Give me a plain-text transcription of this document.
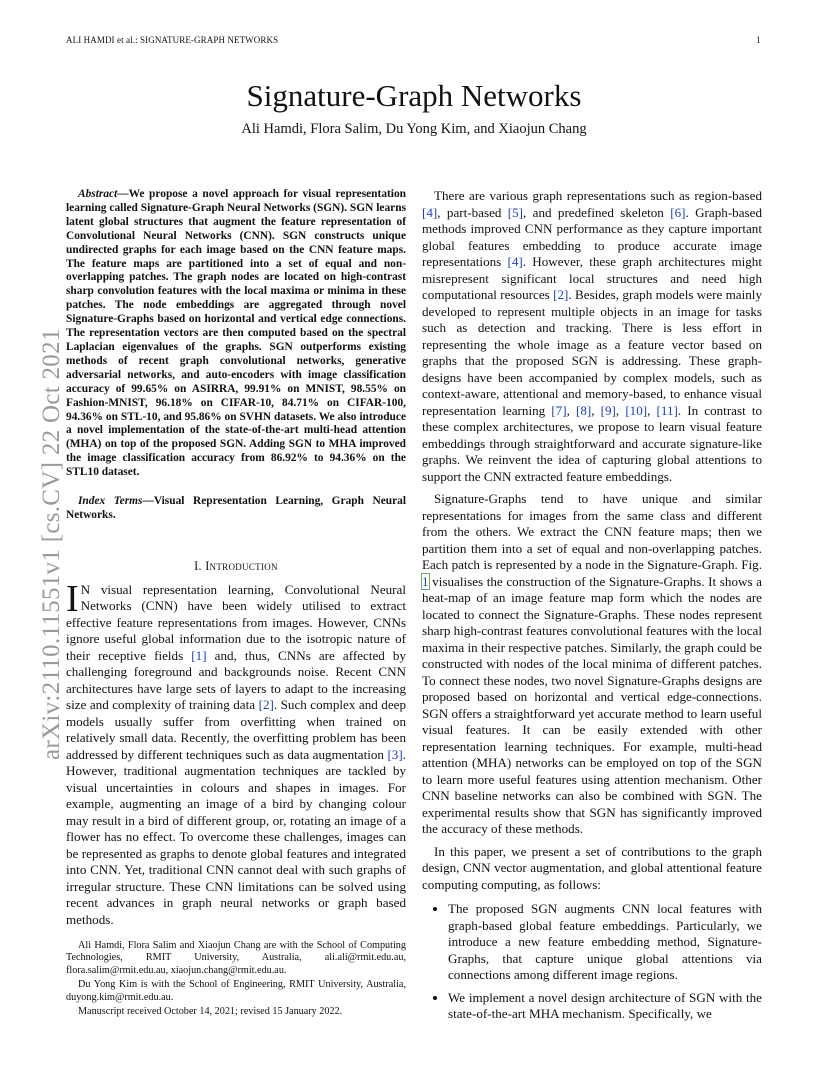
ALI HAMDI et al.: SIGNATURE-GRAPH NETWORKS	1
Signature-Graph Networks
Ali Hamdi, Flora Salim, Du Yong Kim, and Xiaojun Chang
arXiv:2110.11551v1 [cs.CV] 22 Oct 2021

Abstract—We propose a novel approach for visual representation learning called Signature-Graph Neural Networks (SGN). SGN learns latent global structures that augment the feature representation of Convolutional Neural Networks (CNN). SGN constructs unique undirected graphs for each image based on the CNN feature maps. The feature maps are partitioned into a set of equal and non-overlapping patches. The graph nodes are located on high-contrast sharp convolution features with the local maxima or minima in these patches. The node embeddings are aggregated through novel Signature-Graphs based on horizontal and vertical edge connections. The representation vectors are then computed based on the spectral Laplacian eigenvalues of the graphs. SGN outperforms existing methods of recent graph convolutional networks, generative adversarial networks, and auto-encoders with image classification accuracy of 99.65% on ASIRRA, 99.91% on MNIST, 98.55% on Fashion-MNIST, 96.18% on CIFAR-10, 84.71% on CIFAR-100, 94.36% on STL-10, and 95.86% on SVHN datasets. We also introduce a novel implementation of the state-of-the-art multi-head attention (MHA) on top of the proposed SGN. Adding SGN to MHA improved the image classification accuracy from 86.92% to 94.36% on the STL10 dataset.

Index Terms—Visual Representation Learning, Graph Neural Networks.
I. Introduction

I N visual representation learning, Convolutional Neural Networks (CNN) have been widely utilised to extract effective feature representations from images. However, CNNs ignore useful global information due to the isotropic nature of their receptive fields [1] and, thus, CNNs are affected by challenging foreground and backgrounds noise. Recent CNN architectures have large sets of layers to adapt to the increasing size and complexity of training data [2]. Such complex and deep models usually suffer from overfitting when trained on relatively small data. Recently, the overfitting problem has been addressed by different techniques such as data augmentation [3]. However, traditional augmentation techniques are tackled by visual uncertainties in colours and shapes in images. For example, augmenting an image of a bird by changing colour may result in a bird of different group, or, rotating an image of a flower has no effect. To overcome these challenges, images can be represented as graphs to denote global features and integrated into CNN. Yet, traditional CNN cannot deal with such graphs of irregular structure. These CNN limitations can be solved using recent advances in graph neural networks or graph based methods.

Ali Hamdi, Flora Salim and Xiaojun Chang are with the School of Computing Technologies, RMIT University, Australia, ali.ali@rmit.edu.au, flora.salim@rmit.edu.au, xiaojun.chang@rmit.edu.au.

Du Yong Kim is with the School of Engineering, RMIT University, Australia, duyong.kim@rmit.edu.au.

Manuscript received October 14, 2021; revised 15 January 2022.

There are various graph representations such as region-based [4], part-based [5], and predefined skeleton [6]. Graph-based methods improved CNN performance as they capture important global features embedding to produce accurate image representations [4]. However, these graph architectures might misrepresent significant local structures and need high computational resources [2]. Besides, graph models were mainly developed to represent multiple objects in an image for tasks such as detection and tracking. There is less effort in representing the whole image as a feature vector based on graphs that the proposed SGN is addressing. These graph-designs have been accompanied by complex models, such as context-aware, attentional and memory-based, to enhance visual representation learning [7], [8], [9], [10], [11]. In contrast to these complex architectures, we propose to learn visual feature embeddings through straightforward and accurate signature-like graphs. We reinvent the idea of capturing global attentions to support the CNN extracted feature embeddings.

Signature-Graphs tend to have unique and similar representations for images from the same class and different from the others. We extract the CNN feature maps; then we partition them into a set of equal and non-overlapping patches. Each patch is represented by a node in the Signature-Graph. Fig. 1 visualises the construction of the Signature-Graphs. It shows a heat-map of an image feature map form which the nodes are located to connect the Signature-Graphs. These nodes represent sharp high-contrast features convolutional features with the local maxima in their respective patches. Similarly, the graph could be constructed with nodes of the local minima of different patches. To connect these nodes, two novel Signature-Graphs designs are proposed based on horizontal and vertical edge-connections. SGN offers a straightforward yet accurate method to learn useful visual features. It can be easily extended with other representation learning techniques. For example, multi-head attention (MHA) networks can be employed on top of the SGN to learn more useful features using attention mechanism. Other CNN baseline networks can also be combined with SGN. The experimental results show that SGN has significantly improved the accuracy of these methods.

In this paper, we present a set of contributions to the graph design, CNN vector augmentation, and global attentional feature computing computing, as follows:

• The proposed SGN augments CNN local features with graph-based global feature embeddings. Particularly, we introduce a new feature embedding method, Signature-Graphs, that capture unique global attentions via connections among different image regions.
• We implement a novel design architecture of SGN with the state-of-the-art MHA mechanism. Specifically, we
